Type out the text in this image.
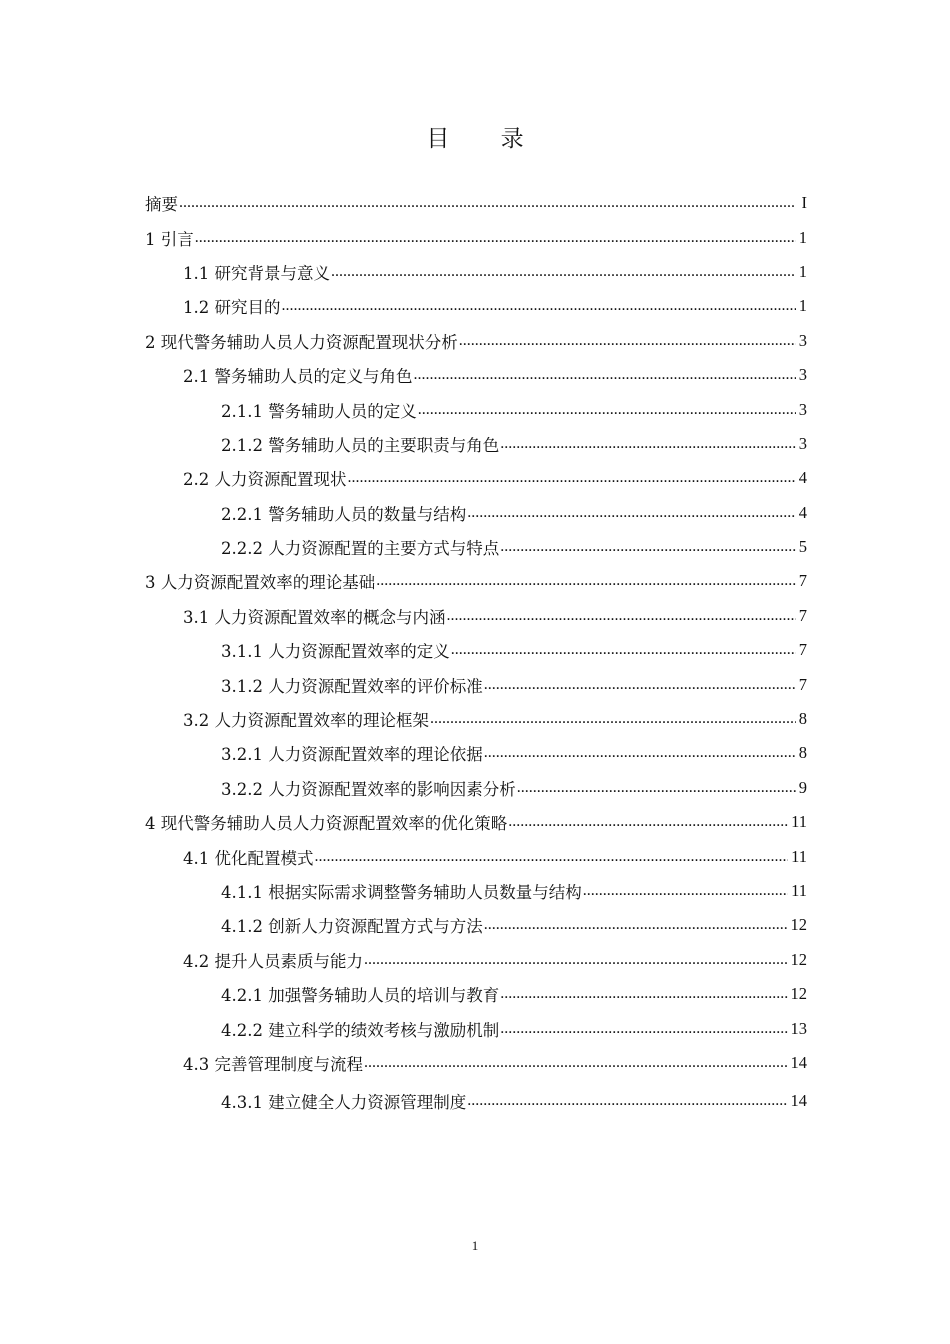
目 录
摘要 .....	I
1 引言 .....	1
1.1 研究背景与意义 .....	1
1.2 研究目的 .....	1
2 现代警务辅助人员人力资源配置现状分析 .....	3
2.1 警务辅助人员的定义与角色 .....	3
2.1.1 警务辅助人员的定义 .....	3
2.1.2 警务辅助人员的主要职责与角色 .....	3
2.2 人力资源配置现状 .....	4
2.2.1 警务辅助人员的数量与结构 .....	4
2.2.2 人力资源配置的主要方式与特点 .....	5
3 人力资源配置效率的理论基础 .....	7
3.1 人力资源配置效率的概念与内涵 .....	7
3.1.1 人力资源配置效率的定义 .....	7
3.1.2 人力资源配置效率的评价标准 .....	7
3.2 人力资源配置效率的理论框架 .....	8
3.2.1 人力资源配置效率的理论依据 .....	8
3.2.2 人力资源配置效率的影响因素分析 .....	9
4 现代警务辅助人员人力资源配置效率的优化策略 .....	11
4.1 优化配置模式 .....	11
4.1.1 根据实际需求调整警务辅助人员数量与结构 .....	11
4.1.2 创新人力资源配置方式与方法 .....	12
4.2 提升人员素质与能力 .....	12
4.2.1 加强警务辅助人员的培训与教育 .....	12
4.2.2 建立科学的绩效考核与激励机制 .....	13
4.3 完善管理制度与流程 .....	14
4.3.1 建立健全人力资源管理制度 .....	14
1
